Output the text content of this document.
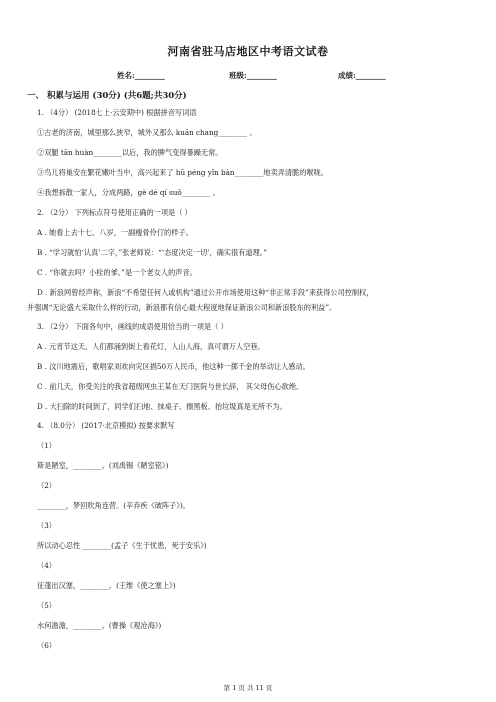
河南省驻马店地区中考语文试卷
姓名:________	班级:________	成绩:________
一、 积累与运用 (30分) (共6题;共30分)
1. （4分） (2018七上·云安期中) 根据拼音写词语
①古老的济南，城里那么狭窄，城外又那么 kuān chang________ 。
②双腿 tān huàn________以后，我的脾气变得暴躁无常。
③鸟儿将巢安在繁花嫩叶当中，高兴起来了 hū péng yǐn bàn________地卖弄清脆的喉咙。
④我想拆散一家人，分成两路，gè dé qí suǒ________ 。
2. （2分） 下列标点符号使用正确的一项是（ ）
A . 她看上去十七、八岁，一副瘦骨伶仃的样子。
B . “学习就怕‘认真’二字，”张老师说：“‘态度决定一切’，确实很有道理。”
C . “你就去吗？小栓的爹。”是一个老女人的声音。
D . 新浪网曾经声称，新浪“不希望任何人或机构”通过公开市场使用这种“非正常手段”来获得公司控制权，
并强调“无论盛大采取什么样的行动，新浪都有信心最大程度地保证新浪公司和新浪股东的利益”。
3. （2分） 下面各句中，画线的成语使用恰当的一项是（ ）
A . 元宵节这天，人们都涌到街上看花灯，人山人海，真可谓万人空巷。
B . 汶川地震后，歌唱家刘欢向灾区捐50万人民币，他这种一掷千金的举动让人感动。
C . 前几天，你受关注的我省超级网虫王某在天门医院与世长辞， 其父母伤心欲绝。
D . 大扫除的时间到了，同学们扫地、抹桌子、擦黑板、抬垃圾真是无所不为。
4. （8.0分） (2017·北京模拟) 按要求默写
（1）
斯是陋室，________。(刘禹锡《陋室铭》)
（2）
________，梦回吹角连营。(辛弃疾《破阵子》)。
（3）
所以动心忍性 ________(孟子《生于忧患，死于安乐》)
（4）
征蓬出汉塞，________。(王维《使之塞上》)
（5）
水何澹澹，________。(曹操《观沧海》)
（6）
第 1 页 共 11 页
